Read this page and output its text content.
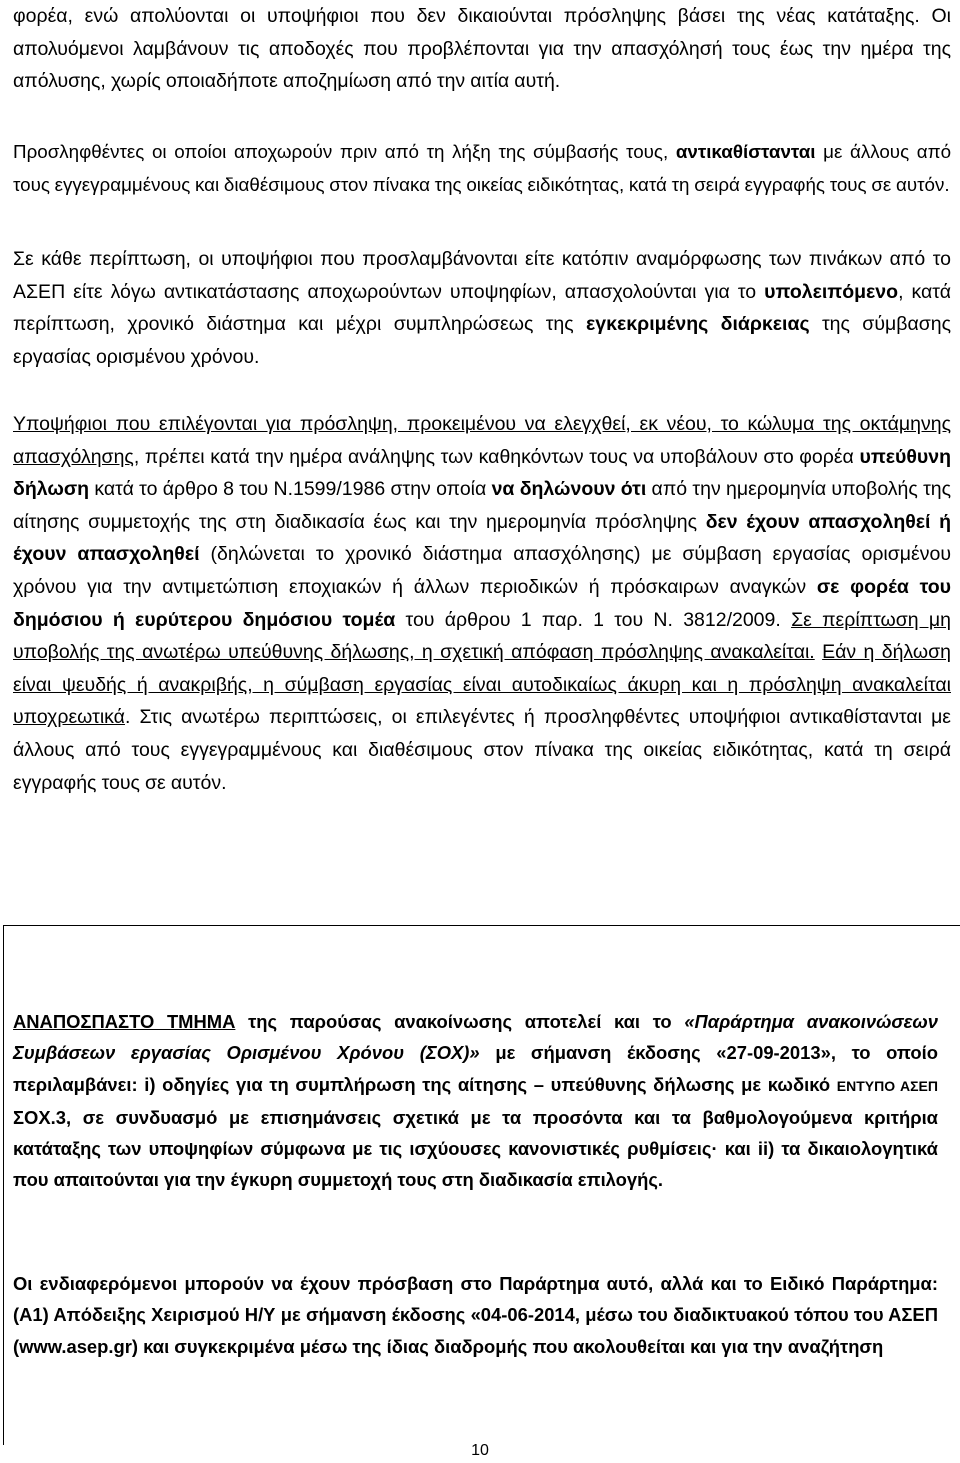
φορέα, ενώ απολύονται οι υποψήφιοι που δεν δικαιούνται πρόσληψης βάσει της νέας κατάταξης. Οι απολυόμενοι λαμβάνουν τις αποδοχές που προβλέπονται για την απασχόλησή τους έως την ημέρα της απόλυσης, χωρίς οποιαδήποτε αποζημίωση από την αιτία αυτή.

Προσληφθέντες οι οποίοι αποχωρούν πριν από τη λήξη της σύμβασής τους, αντικαθίστανται με άλλους από τους εγγεγραμμένους και διαθέσιμους στον πίνακα της οικείας ειδικότητας, κατά τη σειρά εγγραφής τους σε αυτόν.

Σε κάθε περίπτωση, οι υποψήφιοι που προσλαμβάνονται είτε κατόπιν αναμόρφωσης των πινάκων από το ΑΣΕΠ είτε λόγω αντικατάστασης αποχωρούντων υποψηφίων, απασχολούνται για το υπολειπόμενο, κατά περίπτωση, χρονικό διάστημα και μέχρι συμπληρώσεως της εγκεκριμένης διάρκειας της σύμβασης εργασίας ορισμένου χρόνου.

Υποψήφιοι που επιλέγονται για πρόσληψη, προκειμένου να ελεγχθεί, εκ νέου, το κώλυμα της οκτάμηνης απασχόλησης, πρέπει κατά την ημέρα ανάληψης των καθηκόντων τους να υποβάλουν στο φορέα υπεύθυνη δήλωση κατά το άρθρο 8 του Ν.1599/1986 στην οποία να δηλώνουν ότι από την ημερομηνία υποβολής της αίτησης συμμετοχής της στη διαδικασία έως και την ημερομηνία πρόσληψης δεν έχουν απασχοληθεί ή έχουν απασχοληθεί (δηλώνεται το χρονικό διάστημα απασχόλησης) με σύμβαση εργασίας ορισμένου χρόνου για την αντιμετώπιση εποχιακών ή άλλων περιοδικών ή πρόσκαιρων αναγκών σε φορέα του δημόσιου ή ευρύτερου δημόσιου τομέα του άρθρου 1 παρ. 1 του Ν. 3812/2009. Σε περίπτωση μη υποβολής της ανωτέρω υπεύθυνης δήλωσης, η σχετική απόφαση πρόσληψης ανακαλείται. Εάν η δήλωση είναι ψευδής ή ανακριβής, η σύμβαση εργασίας είναι αυτοδικαίως άκυρη και η πρόσληψη ανακαλείται υποχρεωτικά. Στις ανωτέρω περιπτώσεις, οι επιλεγέντες ή προσληφθέντες υποψήφιοι αντικαθίστανται με άλλους από τους εγγεγραμμένους και διαθέσιμους στον πίνακα της οικείας ειδικότητας, κατά τη σειρά εγγραφής τους σε αυτόν.

ΑΝΑΠΟΣΠΑΣΤΟ ΤΜΗΜΑ της παρούσας ανακοίνωσης αποτελεί και το «Παράρτημα ανακοινώσεων Συμβάσεων εργασίας Ορισμένου Χρόνου (ΣΟΧ)» με σήμανση έκδοσης «27-09-2013», το οποίο περιλαμβάνει: i) οδηγίες για τη συμπλήρωση της αίτησης – υπεύθυνης δήλωσης με κωδικό ΕΝΤΥΠΟ ΑΣΕΠ ΣΟΧ.3, σε συνδυασμό με επισημάνσεις σχετικά με τα προσόντα και τα βαθμολογούμενα κριτήρια κατάταξης των υποψηφίων σύμφωνα με τις ισχύουσες κανονιστικές ρυθμίσεις· και ii) τα δικαιολογητικά που απαιτούνται για την έγκυρη συμμετοχή τους στη διαδικασία επιλογής.

Οι ενδιαφερόμενοι μπορούν να έχουν πρόσβαση στο Παράρτημα αυτό, αλλά και το Ειδικό Παράρτημα: (Α1) Απόδειξης Χειρισμού Η/Υ με σήμανση έκδοσης «04-06-2014, μέσω του διαδικτυακού τόπου του ΑΣΕΠ (www.asep.gr) και συγκεκριμένα μέσω της ίδιας διαδρομής που ακολουθείται και για την αναζήτηση

10
